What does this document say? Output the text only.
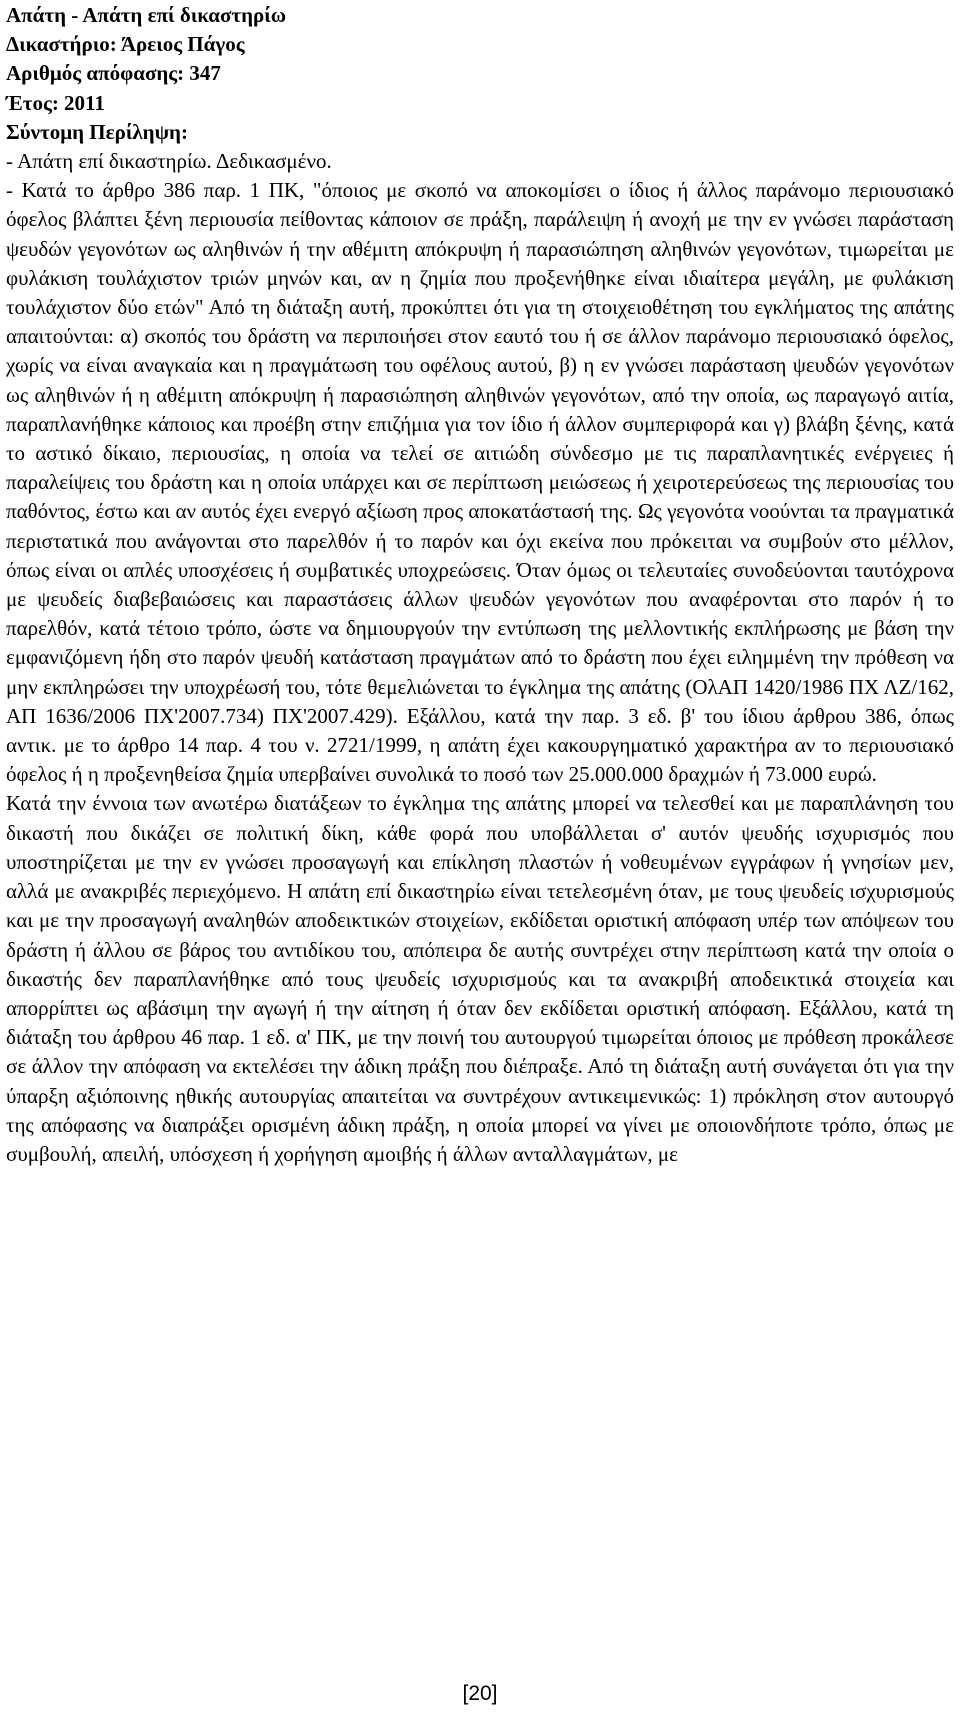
Απάτη - Απάτη επί δικαστηρίω
Δικαστήριο: Άρειος Πάγος
Αριθμός απόφασης: 347
Έτος: 2011
Σύντομη Περίληψη:
- Απάτη επί δικαστηρίω. Δεδικασμένο.
- Κατά το άρθρο 386 παρ. 1 ΠΚ, "όποιος με σκοπό να αποκομίσει ο ίδιος ή άλλος παράνομο περιουσιακό όφελος βλάπτει ξένη περιουσία πείθοντας κάποιον σε πράξη, παράλειψη ή ανοχή με την εν γνώσει παράσταση ψευδών γεγονότων ως αληθινών ή την αθέμιτη απόκρυψη ή παρασιώπηση αληθινών γεγονότων, τιμωρείται με φυλάκιση τουλάχιστον τριών μηνών και, αν η ζημία που προξενήθηκε είναι ιδιαίτερα μεγάλη, με φυλάκιση τουλάχιστον δύο ετών" Από τη διάταξη αυτή, προκύπτει ότι για τη στοιχειοθέτηση του εγκλήματος της απάτης απαιτούνται: α) σκοπός του δράστη να περιποιήσει στον εαυτό του ή σε άλλον παράνομο περιουσιακό όφελος, χωρίς να είναι αναγκαία και η πραγμάτωση του οφέλους αυτού, β) η εν γνώσει παράσταση ψευδών γεγονότων ως αληθινών ή η αθέμιτη απόκρυψη ή παρασιώπηση αληθινών γεγονότων, από την οποία, ως παραγωγό αιτία, παραπλανήθηκε κάποιος και προέβη στην επιζήμια για τον ίδιο ή άλλον συμπεριφορά και γ) βλάβη ξένης, κατά το αστικό δίκαιο, περιουσίας, η οποία να τελεί σε αιτιώδη σύνδεσμο με τις παραπλανητικές ενέργειες ή παραλείψεις του δράστη και η οποία υπάρχει και σε περίπτωση μειώσεως ή χειροτερεύσεως της περιουσίας του παθόντος, έστω και αν αυτός έχει ενεργό αξίωση προς αποκατάστασή της. Ως γεγονότα νοούνται τα πραγματικά περιστατικά που ανάγονται στο παρελθόν ή το παρόν και όχι εκείνα που πρόκειται να συμβούν στο μέλλον, όπως είναι οι απλές υποσχέσεις ή συμβατικές υποχρεώσεις. Όταν όμως οι τελευταίες συνοδεύονται ταυτόχρονα με ψευδείς διαβεβαιώσεις και παραστάσεις άλλων ψευδών γεγονότων που αναφέρονται στο παρόν ή το παρελθόν, κατά τέτοιο τρόπο, ώστε να δημιουργούν την εντύπωση της μελλοντικής εκπλήρωσης με βάση την εμφανιζόμενη ήδη στο παρόν ψευδή κατάσταση πραγμάτων από το δράστη που έχει ειλημμένη την πρόθεση να μην εκπληρώσει την υποχρέωσή του, τότε θεμελιώνεται το έγκλημα της απάτης (ΟλΑΠ 1420/1986 ΠΧ ΛΖ/162, ΑΠ 1636/2006 ΠΧ'2007.734) ΠΧ'2007.429). Εξάλλου, κατά την παρ. 3 εδ. β' του ίδιου άρθρου 386, όπως αντικ. με το άρθρο 14 παρ. 4 του ν. 2721/1999, η απάτη έχει κακουργηματικό χαρακτήρα αν το περιουσιακό όφελος ή η προξενηθείσα ζημία υπερβαίνει συνολικά το ποσό των 25.000.000 δραχμών ή 73.000 ευρώ.
Κατά την έννοια των ανωτέρω διατάξεων το έγκλημα της απάτης μπορεί να τελεσθεί και με παραπλάνηση του δικαστή που δικάζει σε πολιτική δίκη, κάθε φορά που υποβάλλεται σ' αυτόν ψευδής ισχυρισμός που υποστηρίζεται με την εν γνώσει προσαγωγή και επίκληση πλαστών ή νοθευμένων εγγράφων ή γνησίων μεν, αλλά με ανακριβές περιεχόμενο. Η απάτη επί δικαστηρίω είναι τετελεσμένη όταν, με τους ψευδείς ισχυρισμούς και με την προσαγωγή αναληθών αποδεικτικών στοιχείων, εκδίδεται οριστική απόφαση υπέρ των απόψεων του δράστη ή άλλου σε βάρος του αντιδίκου του, απόπειρα δε αυτής συντρέχει στην περίπτωση κατά την οποία ο δικαστής δεν παραπλανήθηκε από τους ψευδείς ισχυρισμούς και τα ανακριβή αποδεικτικά στοιχεία και απορρίπτει ως αβάσιμη την αγωγή ή την αίτηση ή όταν δεν εκδίδεται οριστική απόφαση. Εξάλλου, κατά τη διάταξη του άρθρου 46 παρ. 1 εδ. α' ΠΚ, με την ποινή του αυτουργού τιμωρείται όποιος με πρόθεση προκάλεσε σε άλλον την απόφαση να εκτελέσει την άδικη πράξη που διέπραξε. Από τη διάταξη αυτή συνάγεται ότι για την ύπαρξη αξιόποινης ηθικής αυτουργίας απαιτείται να συντρέχουν αντικειμενικώς: 1) πρόκληση στον αυτουργό της απόφασης να διαπράξει ορισμένη άδικη πράξη, η οποία μπορεί να γίνει με οποιονδήποτε τρόπο, όπως με συμβουλή, απειλή, υπόσχεση ή χορήγηση αμοιβής ή άλλων ανταλλαγμάτων, με
[20]
